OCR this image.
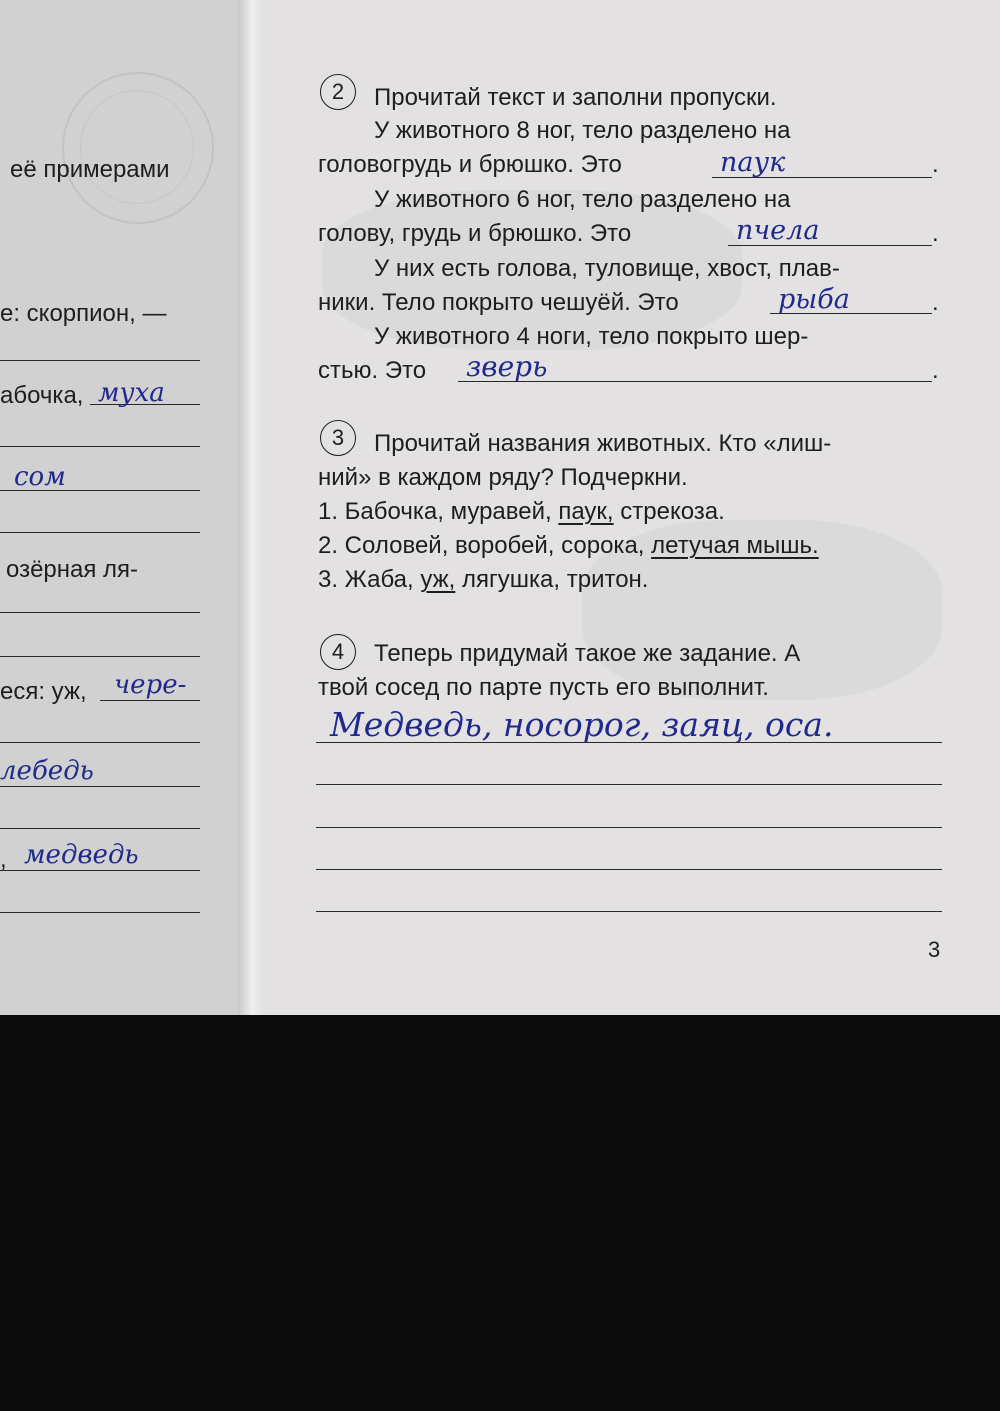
её примерами
е: скорпион, —
абочка, муха
сом
озёрная ля-
еся: уж, чере-
лебедь
, медведь
2	Прочитай текст и заполни пропуски.
У животного 8 ног, тело разделено на
головогрудь и брюшко. Это	паук	.
У животного 6 ног, тело разделено на
голову, грудь и брюшко. Это	пчела	.
У них есть голова, туловище, хвост, плав-
ники. Тело покрыто чешуёй. Это	рыба	.
У животного 4 ноги, тело покрыто шер-
стью. Это зверь	.
3	Прочитай названия животных. Кто «лиш-
ний» в каждом ряду? Подчеркни.
1. Бабочка, муравей, паук, стрекоза.
2. Соловей, воробей, сорока, летучая мышь.
3. Жаба, уж, лягушка, тритон.
4	Теперь придумай такое же задание. А
твой сосед по парте пусть его выполнит.
Медведь, носорог, заяц, оса.
3
